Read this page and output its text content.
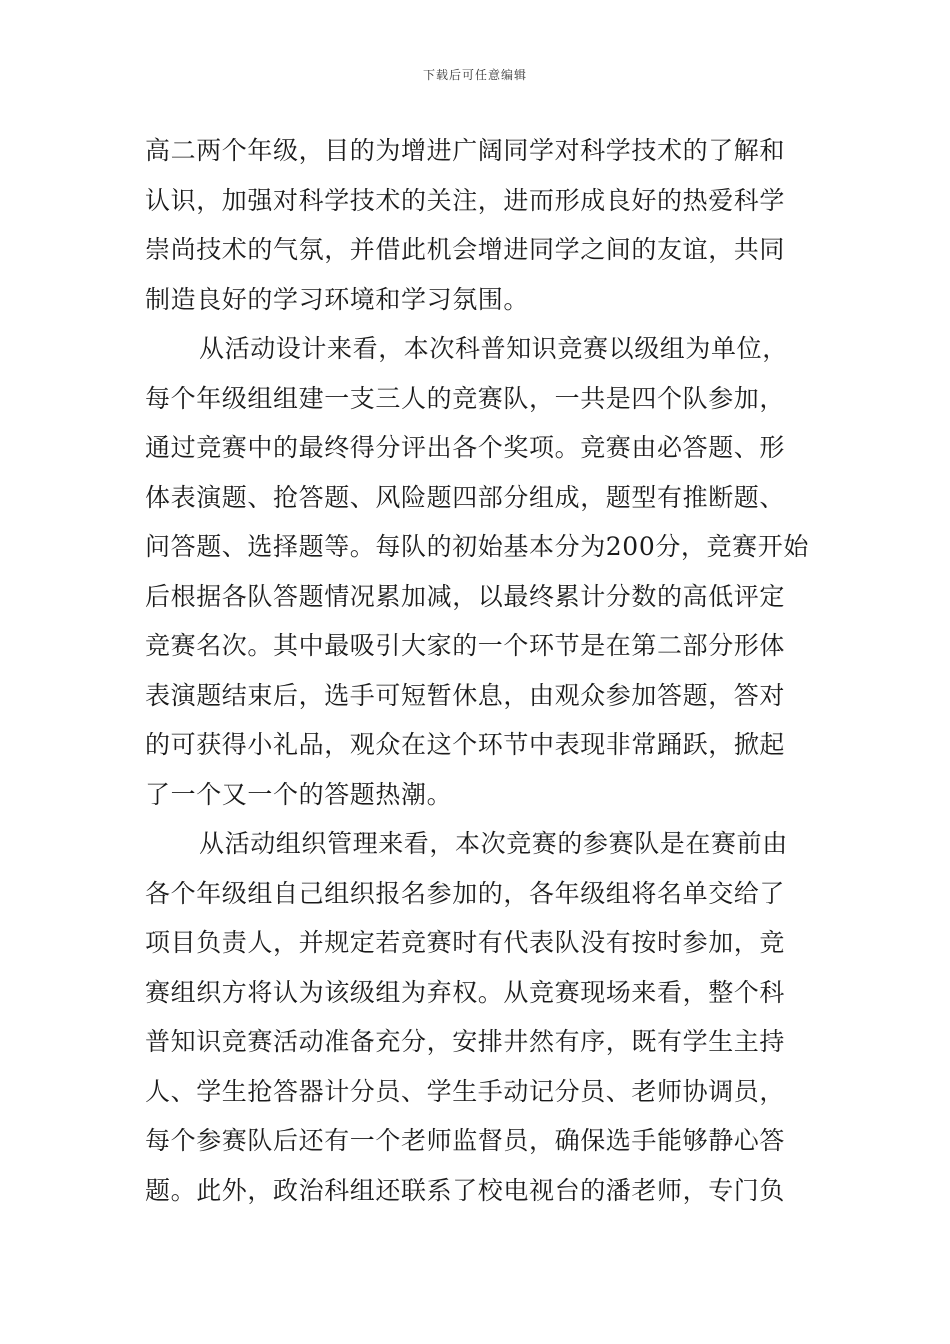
下载后可任意编辑
高二两个年级，目的为增进广阔同学对科学技术的了解和
认识，加强对科学技术的关注，进而形成良好的热爱科学
崇尚技术的气氛，并借此机会增进同学之间的友谊，共同
制造良好的学习环境和学习氛围。
从活动设计来看，本次科普知识竞赛以级组为单位，
每个年级组组建一支三人的竞赛队，一共是四个队参加，
通过竞赛中的最终得分评出各个奖项。竞赛由必答题、形
体表演题、抢答题、风险题四部分组成，题型有推断题、
问答题、选择题等。每队的初始基本分为200分，竞赛开始
后根据各队答题情况累加减，以最终累计分数的高低评定
竞赛名次。其中最吸引大家的一个环节是在第二部分形体
表演题结束后，选手可短暂休息，由观众参加答题，答对
的可获得小礼品，观众在这个环节中表现非常踊跃，掀起
了一个又一个的答题热潮。
从活动组织管理来看，本次竞赛的参赛队是在赛前由
各个年级组自己组织报名参加的，各年级组将名单交给了
项目负责人，并规定若竞赛时有代表队没有按时参加，竞
赛组织方将认为该级组为弃权。从竞赛现场来看，整个科
普知识竞赛活动准备充分，安排井然有序，既有学生主持
人、学生抢答器计分员、学生手动记分员、老师协调员，
每个参赛队后还有一个老师监督员，确保选手能够静心答
题。此外，政治科组还联系了校电视台的潘老师，专门负
